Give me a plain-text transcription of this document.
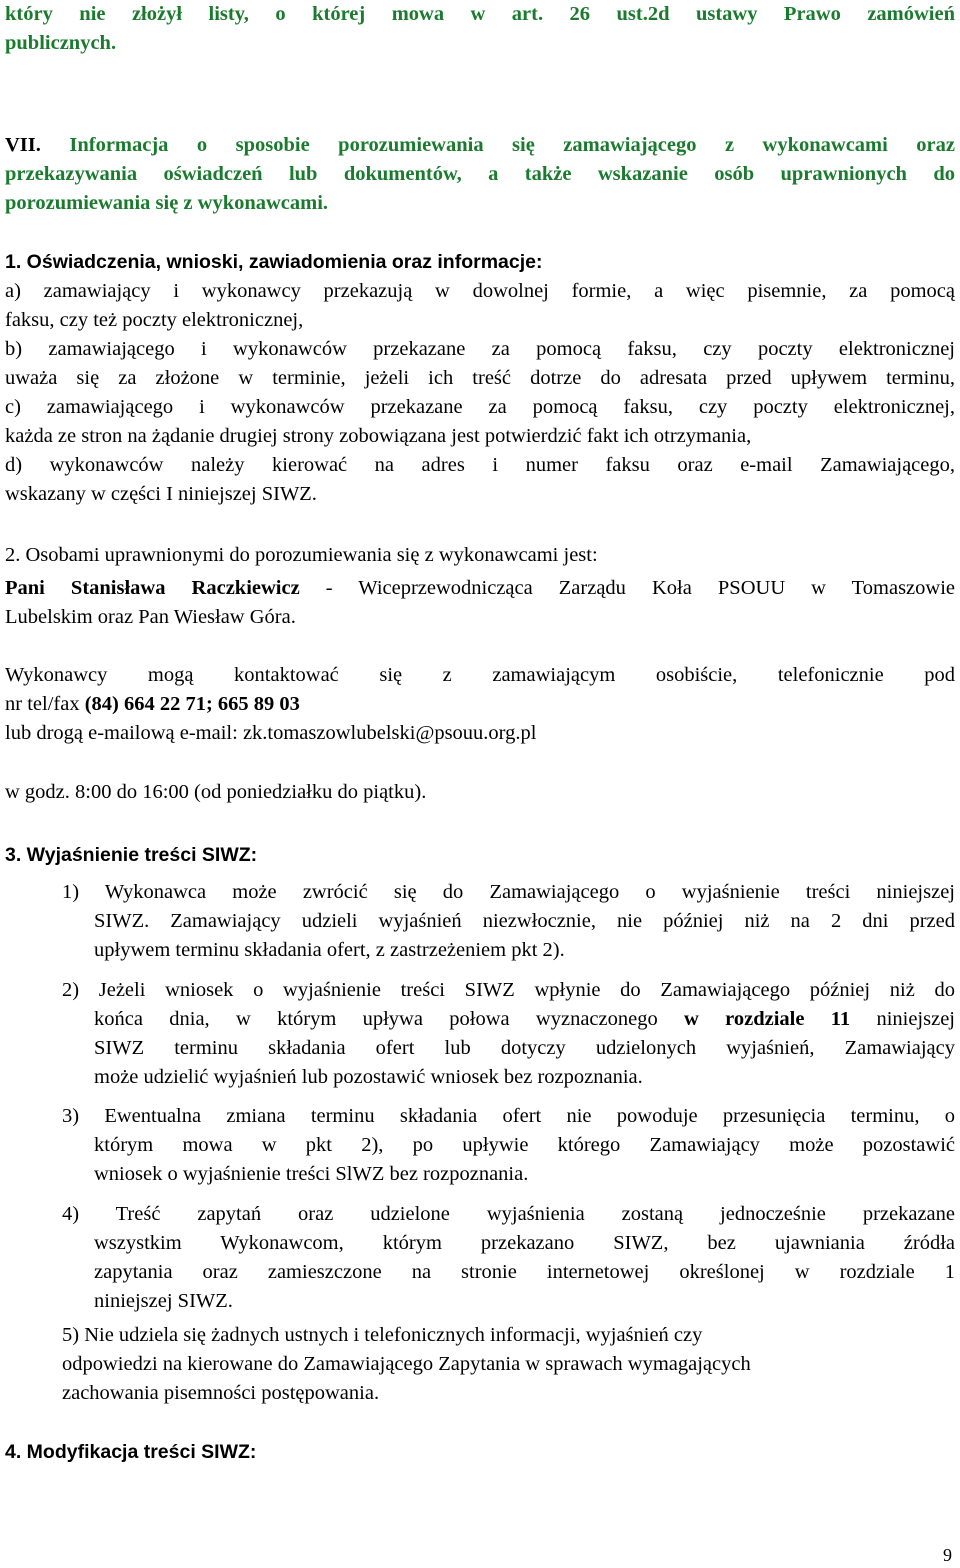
który nie złożył listy, o której mowa w art. 26 ust.2d ustawy Prawo zamówień
publicznych.
VII. Informacja o sposobie porozumiewania się zamawiającego z wykonawcami oraz
przekazywania oświadczeń lub dokumentów, a także wskazanie osób uprawnionych do
porozumiewania się z wykonawcami.
1. Oświadczenia, wnioski, zawiadomienia oraz informacje:
a) zamawiający i wykonawcy przekazują w dowolnej formie, a więc pisemnie, za pomocą
faksu, czy też poczty elektronicznej,
b) zamawiającego i wykonawców przekazane za pomocą faksu, czy poczty elektronicznej
uważa się za złożone w terminie, jeżeli ich treść dotrze do adresata przed upływem terminu,
c) zamawiającego i wykonawców przekazane za pomocą faksu, czy poczty elektronicznej,
każda ze stron na żądanie drugiej strony zobowiązana jest potwierdzić fakt ich otrzymania,
d) wykonawców należy kierować na adres i numer faksu oraz e-mail Zamawiającego,
wskazany w części I niniejszej SIWZ.
2. Osobami uprawnionymi do porozumiewania się z wykonawcami jest:
Pani Stanisława Raczkiewicz - Wiceprzewodnicząca Zarządu Koła PSOUU w Tomaszowie
Lubelskim oraz Pan Wiesław Góra.
Wykonawcy mogą kontaktować się z zamawiającym osobiście, telefonicznie pod
nr tel/fax (84) 664 22 71; 665 89 03
lub drogą e-mailową e-mail: zk.tomaszowlubelski@psouu.org.pl
w godz. 8:00 do 16:00 (od poniedziałku do piątku).
3. Wyjaśnienie treści SIWZ:
1) Wykonawca może zwrócić się do Zamawiającego o wyjaśnienie treści niniejszej
SIWZ. Zamawiający udzieli wyjaśnień niezwłocznie, nie później niż na 2 dni przed
upływem terminu składania ofert, z zastrzeżeniem pkt 2).
2) Jeżeli wniosek o wyjaśnienie treści SIWZ wpłynie do Zamawiającego później niż do
końca dnia, w którym upływa połowa wyznaczonego w rozdziale 11 niniejszej
SIWZ terminu składania ofert lub dotyczy udzielonych wyjaśnień, Zamawiający
może udzielić wyjaśnień lub pozostawić wniosek bez rozpoznania.
3) Ewentualna zmiana terminu składania ofert nie powoduje przesunięcia terminu, o
którym mowa w pkt 2), po upływie którego Zamawiający może pozostawić
wniosek o wyjaśnienie treści SlWZ bez rozpoznania.
4) Treść zapytań oraz udzielone wyjaśnienia zostaną jednocześnie przekazane
wszystkim Wykonawcom, którym przekazano SIWZ, bez ujawniania źródła
zapytania oraz zamieszczone na stronie internetowej określonej w rozdziale 1
niniejszej SIWZ.
5) Nie udziela się żadnych ustnych i telefonicznych informacji, wyjaśnień czy
odpowiedzi na kierowane do Zamawiającego Zapytania w sprawach wymagających
zachowania pisemności postępowania.
4. Modyfikacja treści SIWZ:
9
